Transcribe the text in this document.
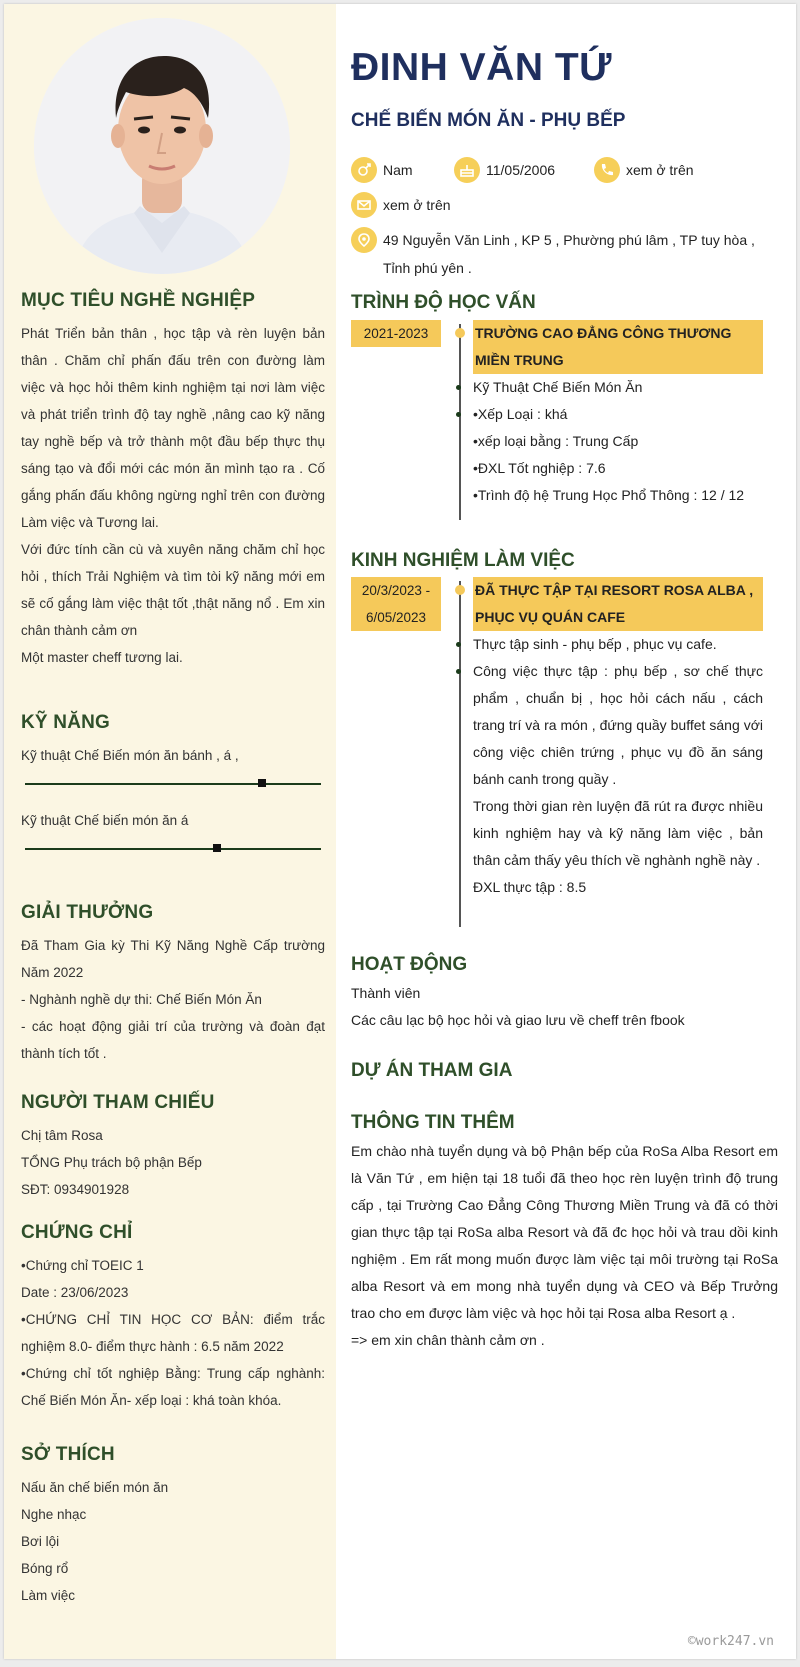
MỤC TIÊU NGHỀ NGHIỆP

Phát Triển bản thân , học tập và rèn luyện bản thân . Chăm chỉ phấn đấu trên con đường làm việc và học hỏi thêm kinh nghiệm tại nơi làm việc và phát triển trình độ tay nghề ,nâng cao kỹ năng tay nghề bếp và trở thành một đầu bếp thực thụ sáng tạo và đổi mới các món ăn mình tạo ra . Cố gắng phấn đấu không ngừng nghỉ trên con đường Làm việc và Tương lai.

Với đức tính cần cù và xuyên năng chăm chỉ học hỏi , thích Trải Nghiệm và tìm tòi kỹ năng mới em sẽ cố gắng làm việc thật tốt ,thật năng nổ . Em xin chân thành cảm ơn

Một master cheff tương lai.

KỸ NĂNG
Kỹ thuật Chế Biến món ăn bánh , á ,
Kỹ thuật Chế biến món ăn á
GIẢI THƯỞNG

Đã Tham Gia kỳ Thi Kỹ Năng Nghề Cấp trường Năm 2022

- Nghành nghề dự thi: Chế Biến Món Ăn

- các hoạt động giải trí của trường và đoàn đạt thành tích tốt .

NGƯỜI THAM CHIẾU

Chị tâm Rosa

TỔNG Phụ trách bộ phận Bếp

SĐT: 0934901928

CHỨNG CHỈ

•Chứng chỉ TOEIC 1

Date : 23/06/2023

•CHỨNG CHỈ TIN HỌC CƠ BẢN: điểm trắc nghiệm 8.0- điểm thực hành : 6.5 năm 2022

•Chứng chỉ tốt nghiệp Bằng: Trung cấp nghành: Chế Biến Món Ăn- xếp loại : khá toàn khóa.

SỞ THÍCH

Nấu ăn chế biến món ăn

Nghe nhạc

Bơi lội

Bóng rổ

Làm việc

ĐINH VĂN TỨ
CHẾ BIẾN MÓN ĂN - PHỤ BẾP
Nam	11/05/2006	xem ở trên
xem ở trên
49 Nguyễn Văn Linh , KP 5 , Phường phú lâm , TP tuy hòa , Tỉnh phú yên .
TRÌNH ĐỘ HỌC VẤN
2021-2023	TRƯỜNG CAO ĐẲNG CÔNG THƯƠNG MIỀN TRUNG
Kỹ Thuật Chế Biến Món Ăn
•Xếp Loại : khá
•xếp loại bằng : Trung Cấp
•ĐXL Tốt nghiệp : 7.6
•Trình độ hệ Trung Học Phổ Thông : 12 / 12
KINH NGHIỆM LÀM VIỆC
20/3/2023 - 6/05/2023
ĐÃ THỰC TẬP TẠI RESORT ROSA ALBA , PHỤC VỤ QUÁN CAFE
Thực tập sinh - phụ bếp , phục vụ cafe.
Công việc thực tập : phụ bếp , sơ chế thực phẩm , chuẩn bị , học hỏi cách nấu , cách trang trí và ra món , đứng quầy buffet sáng với công việc chiên trứng , phục vụ đồ ăn sáng bánh canh trong quầy .
Trong thời gian rèn luyện đã rút ra được nhiều kinh nghiệm hay và kỹ năng làm việc , bản thân cảm thấy yêu thích về nghành nghề này .
ĐXL thực tập : 8.5
HOẠT ĐỘNG

Thành viên

Các câu lạc bộ học hỏi và giao lưu về cheff trên fbook

DỰ ÁN THAM GIA
THÔNG TIN THÊM

Em chào nhà tuyển dụng và bộ Phận bếp của RoSa Alba Resort em là Văn Tứ , em hiện tại 18 tuổi đã theo học rèn luyện trình độ trung cấp , tại Trường Cao Đẳng Công Thương Miền Trung và đã có thời gian thực tập tại RoSa alba Resort và đã đc học hỏi và trau dồi kinh nghiệm . Em rất mong muốn được làm việc tại môi trường tại RoSa alba Resort và em mong nhà tuyển dụng và CEO và Bếp Trưởng trao cho em được làm việc và học hỏi tại Rosa alba Resort ạ .

=> em xin chân thành cảm ơn .

©work247.vn
